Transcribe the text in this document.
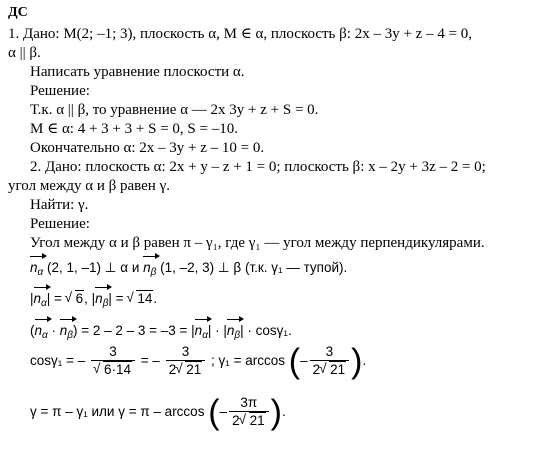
ДС
1. Дано: M(2; –1; 3), плоскость α, M ∈ α, плоскость β: 2x – 3y + z – 4 = 0,
α || β.
Написать уравнение плоскости α.
Решение:
Т.к. α || β, то уравнение α — 2x 3y + z + S = 0.
M ∈ α: 4 + 3 + 3 + S = 0, S = –10.
Окончательно α: 2x – 3y + z – 10 = 0.
2. Дано: плоскость α: 2x + y – z + 1 = 0; плоскость β: x – 2y + 3z – 2 = 0;
угол между α и β равен γ.
Найти: γ.
Решение:
Угол между α и β равен π – γ₁, где γ₁ — угол между перпендикулярами.
$n_\alpha$ (2, 1, –1) ⊥ α и $n_\beta$ (1, –2, 3) ⊥ β (т.к. γ₁ — тупой).
$|n_\alpha|$ = √ 6, $|n_\beta|$ = √ 14.
$(n_\alpha \cdot n_\beta) = 2 - 2 - 3 = -3 = |n_\alpha| \cdot |n_\beta| \cdot \cos\gamma_1$.
cosγ₁ = – 3
√ 6·14 = – $\frac{3}{2 √ 21}$ ; γ₁ = arccos (– $\frac{3}{2 √ 21}$ ).
γ = π – γ₁ или γ = π – arccos (– $\frac{3\pi}{2 √ 21}$ ).
